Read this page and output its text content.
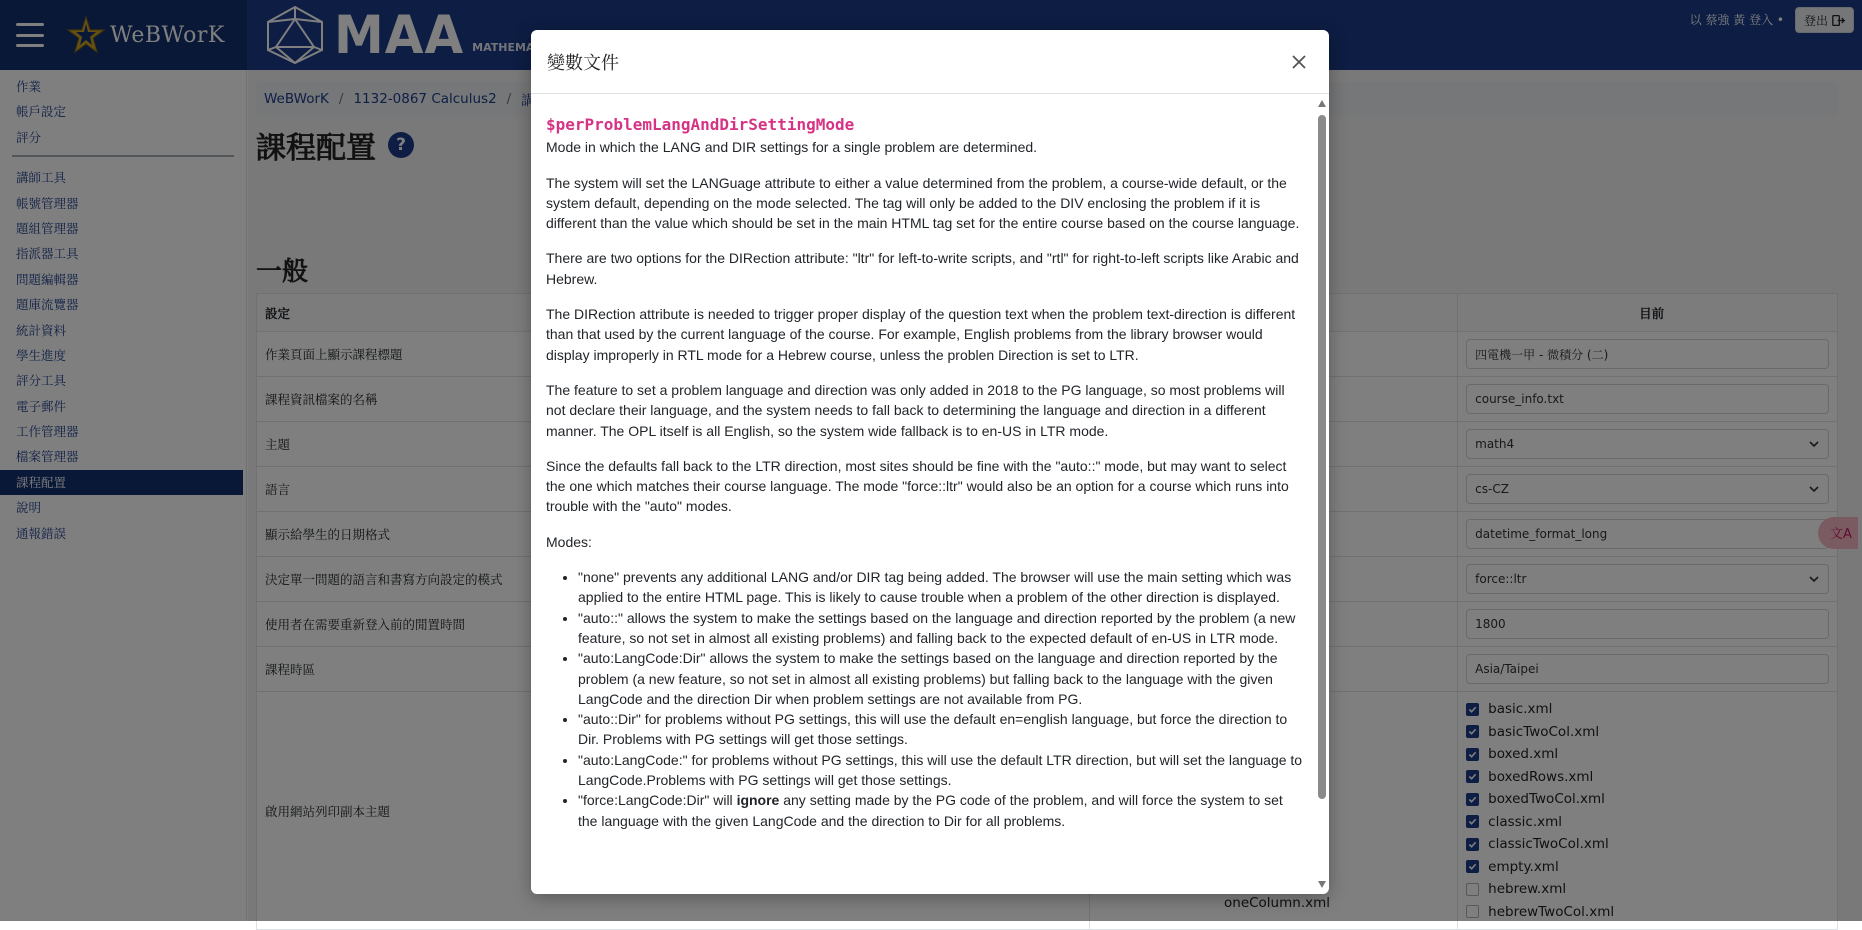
變數文件
$perProblemLangAndDirSettingMode

Mode in which the LANG and DIR settings for a single problem are determined.

The system will set the LANGuage attribute to either a value determined from the problem, a course-wide default, or the system default, depending on the mode selected. The tag will only be added to the DIV enclosing the problem if it is different than the value which should be set in the main HTML tag set for the entire course based on the course language.

There are two options for the DIRection attribute: "ltr" for left-to-write scripts, and "rtl" for right-to-left scripts like Arabic and Hebrew.

The DIRection attribute is needed to trigger proper display of the question text when the problem text-direction is different than that used by the current language of the course. For example, English problems from the library browser would display improperly in RTL mode for a Hebrew course, unless the problen Direction is set to LTR.

The feature to set a problem language and direction was only added in 2018 to the PG language, so most problems will not declare their language, and the system needs to fall back to determining the language and direction in a different manner. The OPL itself is all English, so the system wide fallback is to en-US in LTR mode.

Since the defaults fall back to the LTR direction, most sites should be fine with the "auto::" mode, but may want to select the one which matches their course language. The mode "force::ltr" would also be an option for a course which runs into trouble with the "auto" modes.

Modes:

• "none" prevents any additional LANG and/or DIR tag being added. The browser will use the main setting which was applied to the entire HTML page. This is likely to cause trouble when a problem of the other direction is displayed.
• "auto::" allows the system to make the settings based on the language and direction reported by the problem (a new feature, so not set in almost all existing problems) and falling back to the expected default of en-US in LTR mode.
• "auto:LangCode:Dir" allows the system to make the settings based on the language and direction reported by the problem (a new feature, so not set in almost all existing problems) but falling back to the language with the given LangCode and the direction Dir when problem settings are not available from PG.
• "auto::Dir" for problems without PG settings, this will use the default en=english language, but force the direction to Dir. Problems with PG settings will get those settings.
• "auto:LangCode:" for problems without PG settings, this will use the default LTR direction, but will set the language to LangCode.Problems with PG settings will get those settings.
• "force:LangCode:Dir" will ignore any setting made by the PG code of the problem, and will force the system to set the language with the given LangCode and the direction to Dir for all problems.
